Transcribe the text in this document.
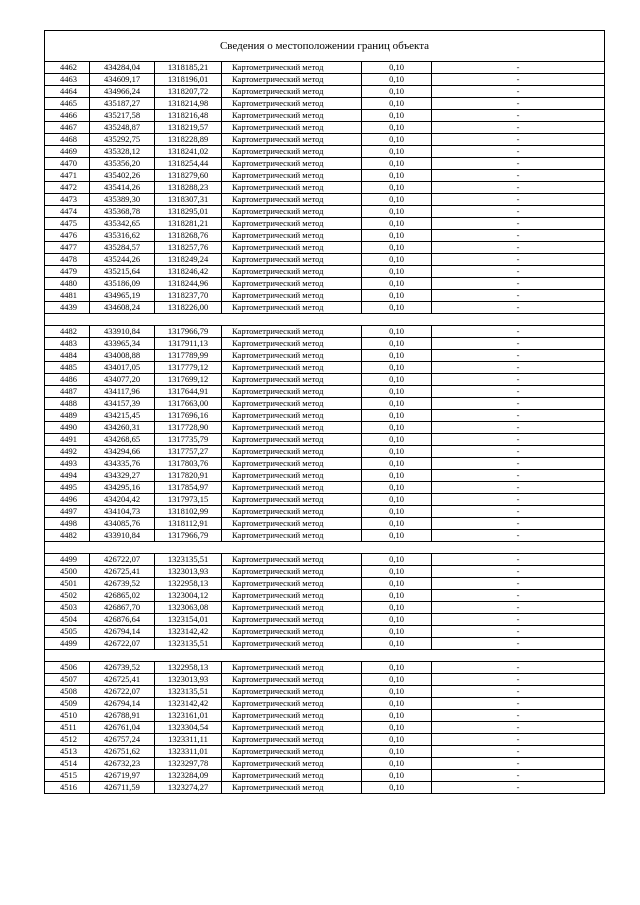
Сведения о местоположении границ объекта					
4462	434284,04	1318185,21	Картометрический метод	0,10	-
4463	434609,17	1318196,01	Картометрический метод	0,10	-
4464	434966,24	1318207,72	Картометрический метод	0,10	-
4465	435187,27	1318214,98	Картометрический метод	0,10	-
4466	435217,58	1318216,48	Картометрический метод	0,10	-
4467	435248,87	1318219,57	Картометрический метод	0,10	-
4468	435292,75	1318228,89	Картометрический метод	0,10	-
4469	435328,12	1318241,02	Картометрический метод	0,10	-
4470	435356,20	1318254,44	Картометрический метод	0,10	-
4471	435402,26	1318279,60	Картометрический метод	0,10	-
4472	435414,26	1318288,23	Картометрический метод	0,10	-
4473	435389,30	1318307,31	Картометрический метод	0,10	-
4474	435368,78	1318295,01	Картометрический метод	0,10	-
4475	435342,65	1318281,21	Картометрический метод	0,10	-
4476	435316,62	1318268,76	Картометрический метод	0,10	-
4477	435284,57	1318257,76	Картометрический метод	0,10	-
4478	435244,26	1318249,24	Картометрический метод	0,10	-
4479	435215,64	1318246,42	Картометрический метод	0,10	-
4480	435186,09	1318244,96	Картометрический метод	0,10	-
4481	434965,19	1318237,70	Картометрический метод	0,10	-
4439	434608,24	1318226,00	Картометрический метод	0,10	-

4482	433910,84	1317966,79	Картометрический метод	0,10	-
4483	433965,34	1317911,13	Картометрический метод	0,10	-
4484	434008,88	1317789,99	Картометрический метод	0,10	-
4485	434017,05	1317779,12	Картометрический метод	0,10	-
4486	434077,20	1317699,12	Картометрический метод	0,10	-
4487	434117,96	1317644,91	Картометрический метод	0,10	-
4488	434157,39	1317663,00	Картометрический метод	0,10	-
4489	434215,45	1317696,16	Картометрический метод	0,10	-
4490	434260,31	1317728,90	Картометрический метод	0,10	-
4491	434268,65	1317735,79	Картометрический метод	0,10	-
4492	434294,66	1317757,27	Картометрический метод	0,10	-
4493	434335,76	1317803,76	Картометрический метод	0,10	-
4494	434329,27	1317820,91	Картометрический метод	0,10	-
4495	434295,16	1317854,97	Картометрический метод	0,10	-
4496	434204,42	1317973,15	Картометрический метод	0,10	-
4497	434104,73	1318102,99	Картометрический метод	0,10	-
4498	434085,76	1318112,91	Картометрический метод	0,10	-
4482	433910,84	1317966,79	Картометрический метод	0,10	-

4499	426722,07	1323135,51	Картометрический метод	0,10	-
4500	426725,41	1323013,93	Картометрический метод	0,10	-
4501	426739,52	1322958,13	Картометрический метод	0,10	-
4502	426865,02	1323004,12	Картометрический метод	0,10	-
4503	426867,70	1323063,08	Картометрический метод	0,10	-
4504	426876,64	1323154,01	Картометрический метод	0,10	-
4505	426794,14	1323142,42	Картометрический метод	0,10	-
4499	426722,07	1323135,51	Картометрический метод	0,10	-

4506	426739,52	1322958,13	Картометрический метод	0,10	-
4507	426725,41	1323013,93	Картометрический метод	0,10	-
4508	426722,07	1323135,51	Картометрический метод	0,10	-
4509	426794,14	1323142,42	Картометрический метод	0,10	-
4510	426788,91	1323161,01	Картометрический метод	0,10	-
4511	426761,04	1323304,54	Картометрический метод	0,10	-
4512	426757,24	1323311,11	Картометрический метод	0,10	-
4513	426751,62	1323311,01	Картометрический метод	0,10	-
4514	426732,23	1323297,78	Картометрический метод	0,10	-
4515	426719,97	1323284,09	Картометрический метод	0,10	-
4516	426711,59	1323274,27	Картометрический метод	0,10	-
